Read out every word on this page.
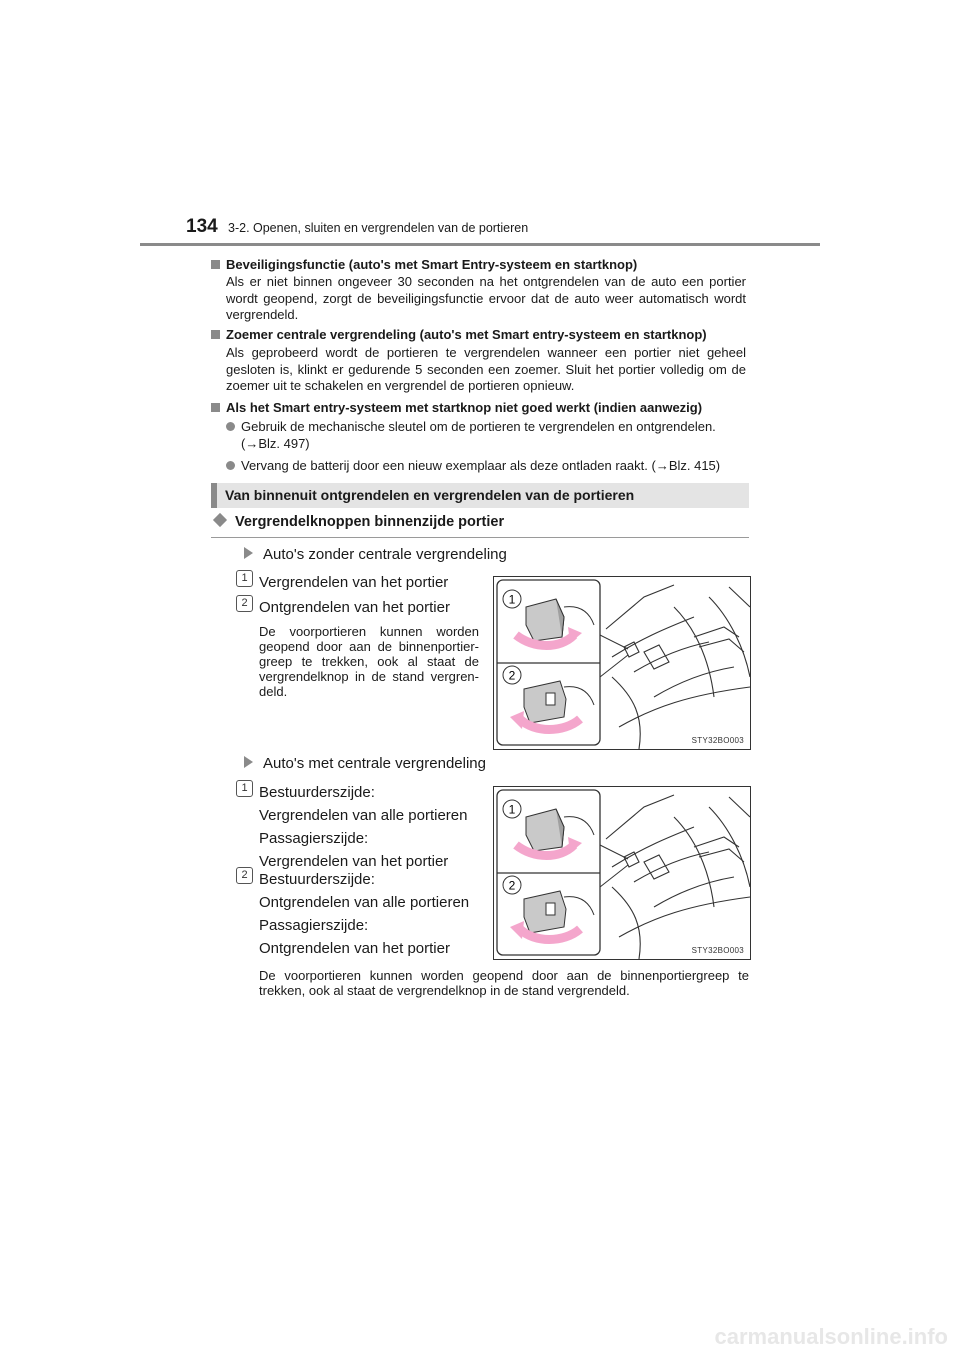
134 3-2. Openen, sluiten en vergrendelen van de portieren
Beveiligingsfunctie (auto's met Smart Entry-systeem en startknop)
Als er niet binnen ongeveer 30 seconden na het ontgrendelen van de auto een portier wordt geopend, zorgt de beveiligingsfunctie ervoor dat de auto weer automatisch wordt vergrendeld.
Zoemer centrale vergrendeling (auto's met Smart entry-systeem en startknop)
Als geprobeerd wordt de portieren te vergrendelen wanneer een portier niet geheel gesloten is, klinkt er gedurende 5 seconden een zoemer. Sluit het portier volledig om de zoemer uit te schakelen en vergrendel de portieren opnieuw.
Als het Smart entry-systeem met startknop niet goed werkt (indien aanwezig)
Gebruik de mechanische sleutel om de portieren te vergrendelen en ontgrendelen.
(→Blz. 497)
Vervang de batterij door een nieuw exemplaar als deze ontladen raakt. (→Blz. 415)
Van binnenuit ontgrendelen en vergrendelen van de portieren
Vergrendelknoppen binnenzijde portier
Auto's zonder centrale vergrendeling
1 Vergrendelen van het portier
2 Ontgrendelen van het portier
De voorportieren kunnen worden
geopend door aan de binnenportier-
greep te trekken, ook al staat de
vergrendelknop in de stand vergren-
deld.
1
2
STY32BO003
Auto's met centrale vergrendeling
1 Bestuurderszijde:
Vergrendelen van alle portieren
Passagierszijde:
Vergrendelen van het portier
2 Bestuurderszijde:
Ontgrendelen van alle portieren
Passagierszijde:
Ontgrendelen van het portier
1
2
STY32BO003
De voorportieren kunnen worden geopend door aan de binnenportiergreep te trekken, ook al staat de vergrendelknop in de stand vergrendeld.
carmanualsonline.info
